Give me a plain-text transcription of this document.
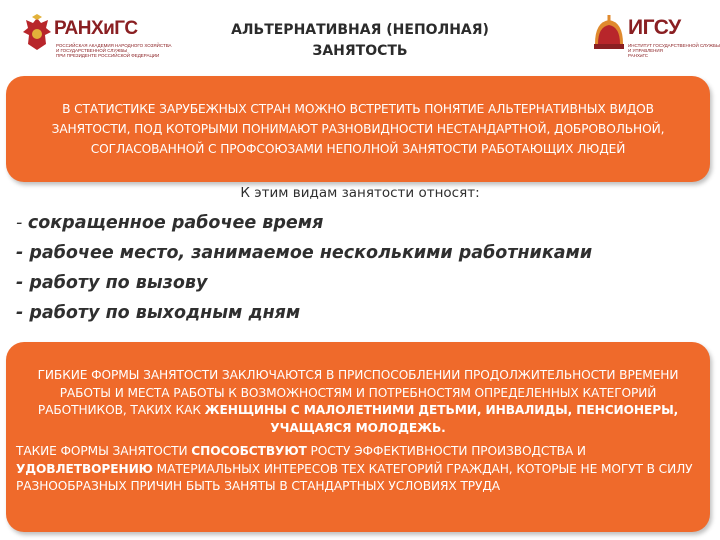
РАНХиГС
РОССИЙСКАЯ АКАДЕМИЯ НАРОДНОГО ХОЗЯЙСТВА
И ГОСУДАРСТВЕННОЙ СЛУЖБЫ
ПРИ ПРЕЗИДЕНТЕ РОССИЙСКОЙ ФЕДЕРАЦИИ
АЛЬТЕРНАТИВНАЯ (НЕПОЛНАЯ)
ЗАНЯТОСТЬ
ИГСУ
ИНСТИТУТ ГОСУДАРСТВЕННОЙ СЛУЖБЫ
И УПРАВЛЕНИЯ
РАНХиГС
В СТАТИСТИКЕ ЗАРУБЕЖНЫХ СТРАН МОЖНО ВСТРЕТИТЬ ПОНЯТИЕ АЛЬТЕРНАТИВНЫХ ВИДОВ ЗАНЯТОСТИ, ПОД КОТОРЫМИ ПОНИМАЮТ РАЗНОВИДНОСТИ НЕСТАНДАРТНОЙ, ДОБРОВОЛЬНОЙ, СОГЛАСОВАННОЙ С ПРОФСОЮЗАМИ НЕПОЛНОЙ ЗАНЯТОСТИ РАБОТАЮЩИХ ЛЮДЕЙ
К этим видам занятости относят:
- сокращенное рабочее время
- рабочее место, занимаемое несколькими работниками
- работу по вызову
- работу по выходным дням
ГИБКИЕ ФОРМЫ ЗАНЯТОСТИ ЗАКЛЮЧАЮТСЯ В ПРИСПОСОБЛЕНИИ ПРОДОЛЖИТЕЛЬНОСТИ ВРЕМЕНИ РАБОТЫ И МЕСТА РАБОТЫ К ВОЗМОЖНОСТЯМ И ПОТРЕБНОСТЯМ ОПРЕДЕЛЕННЫХ КАТЕГОРИЙ РАБОТНИКОВ, ТАКИХ КАК ЖЕНЩИНЫ С МАЛОЛЕТНИМИ ДЕТЬМИ, ИНВАЛИДЫ, ПЕНСИОНЕРЫ, УЧАЩАЯСЯ МОЛОДЕЖЬ.
ТАКИЕ ФОРМЫ ЗАНЯТОСТИ СПОСОБСТВУЮТ РОСТУ ЭФФЕКТИВНОСТИ ПРОИЗВОДСТВА И УДОВЛЕТВОРЕНИЮ МАТЕРИАЛЬНЫХ ИНТЕРЕСОВ ТЕХ КАТЕГОРИЙ ГРАЖДАН, КОТОРЫЕ НЕ МОГУТ В СИЛУ РАЗНООБРАЗНЫХ ПРИЧИН БЫТЬ ЗАНЯТЫ В СТАНДАРТНЫХ УСЛОВИЯХ ТРУДА
